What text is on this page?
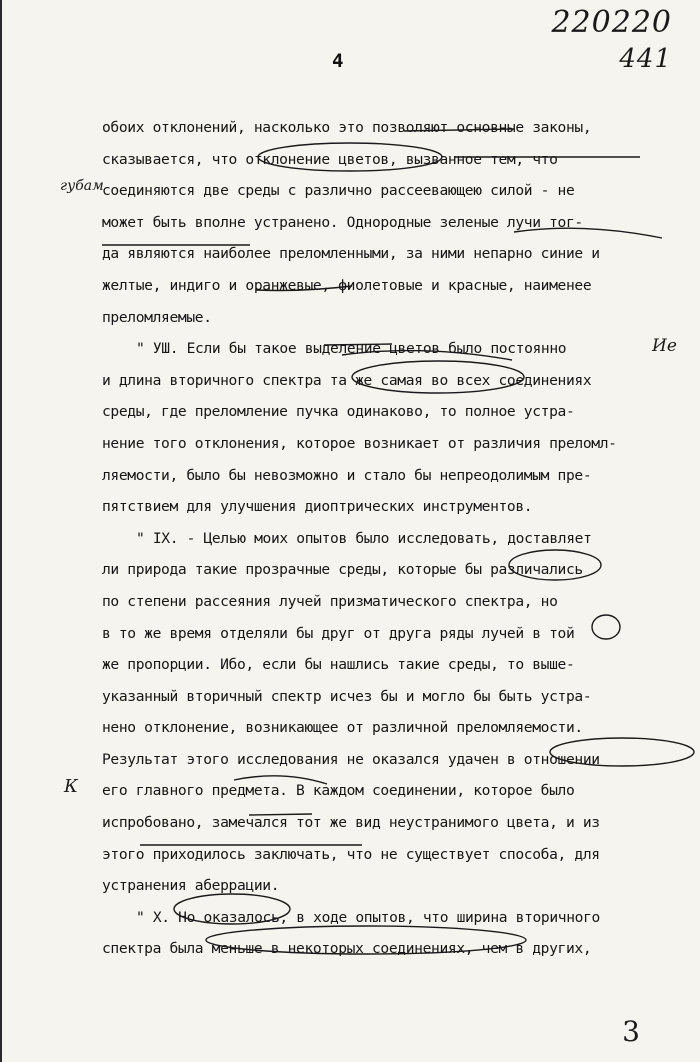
220220
441
4
губам
К
Ие
обоих отклонений, насколько это позволяют основные законы,
сказывается, что отклонение цветов, вызванное тем, что
соединяются две среды с различно рассеевающею силой - не
может быть вполне устранено. Однородные зеленые лучи тог-
да являются наиболее преломленными, за ними непарно синие и
желтые, индиго и оранжевые, фиолетовые и красные, наименее
преломляемые.
" УШ. Если бы такое выделение цветов было постоянно
и длина вторичного спектра та же самая во всех соединениях
среды, где преломление пучка одинаково, то полное устра-
нение того отклонения, которое возникает от различия преломл-
ляемости, было бы невозможно и стало бы непреодолимым пре-
пятствием для улучшения диоптрических инструментов.
" IХ. - Целью моих опытов было исследовать, доставляет
ли природа такие прозрачные среды, которые бы различались
по степени рассеяния лучей призматического спектра, но
в то же время отделяли бы друг от друга ряды лучей в той
же пропорции. Ибо, если бы нашлись такие среды, то выше-
указанный вторичный спектр исчез бы и могло бы быть устра-
нено отклонение, возникающее от различной преломляемости.
Результат этого исследования не оказался удачен в отношении
его главного предмета. В каждом соединении, которое было
испробовано, замечался тот же вид неустранимого цвета, и из
этого приходилось заключать, что не существует способа, для
устранения аберрации.
" Х. Но оказалось, в ходе опытов, что ширина вторичного
спектра была меньше в некоторых соединениях, чем в других,
3
